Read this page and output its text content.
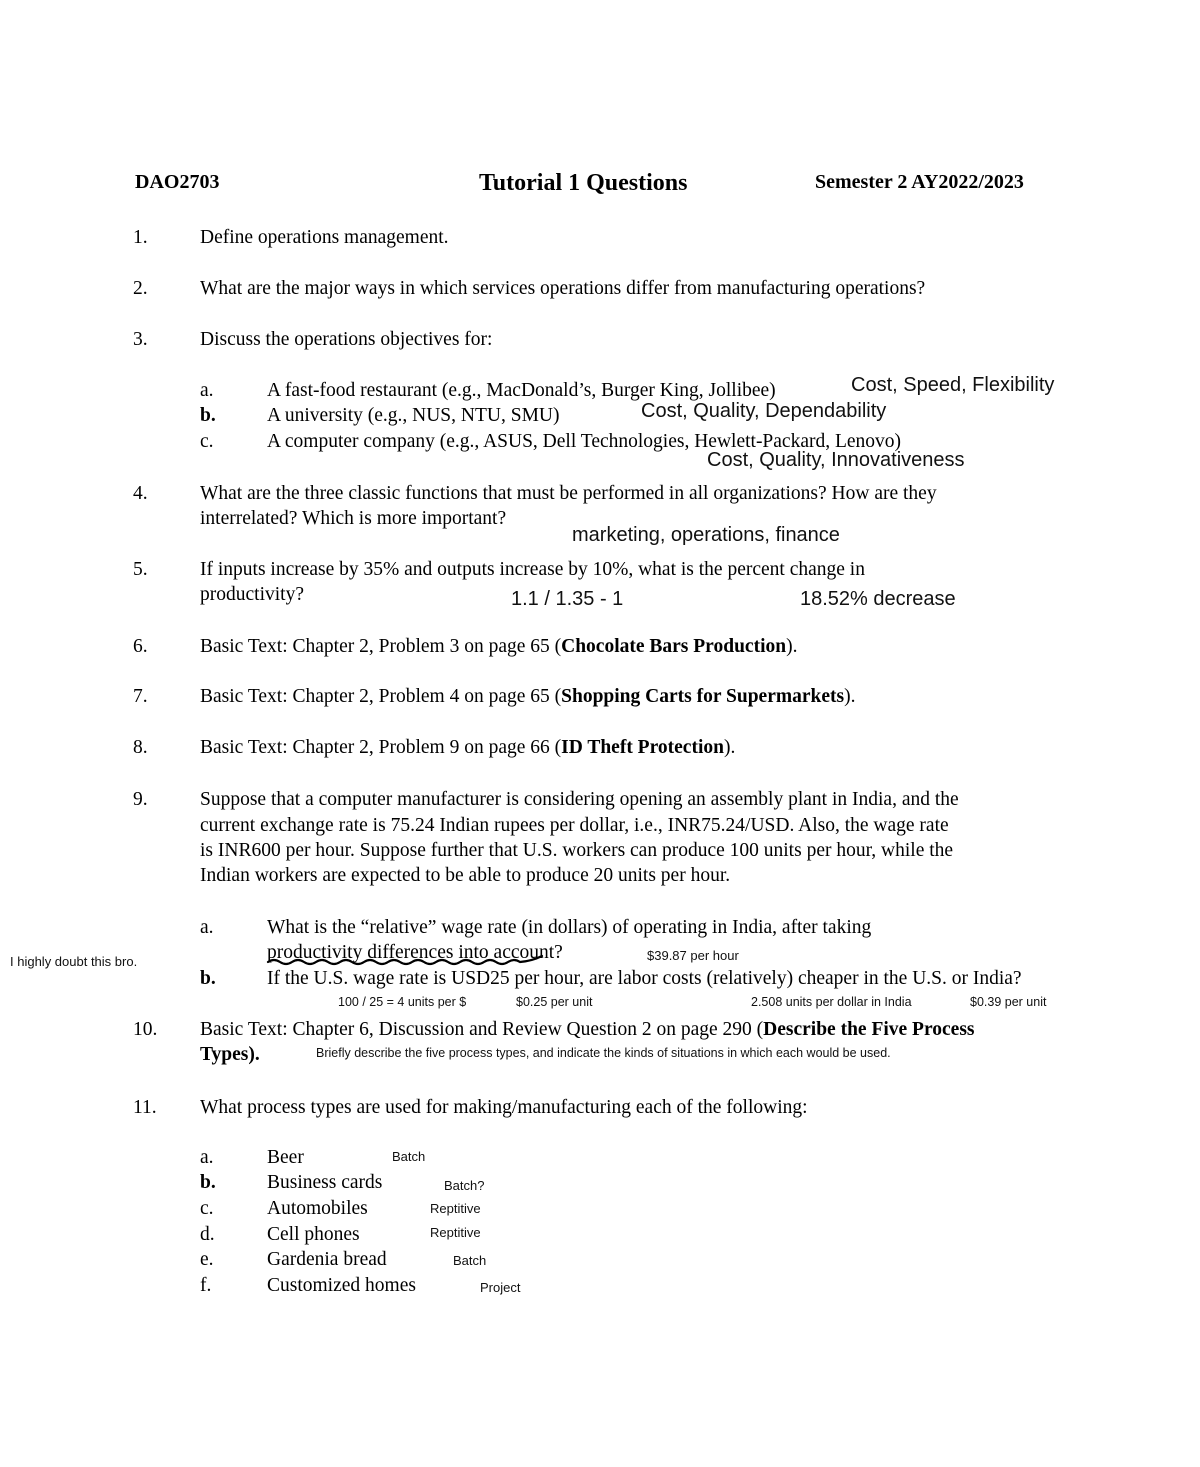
DAO2703	Tutorial 1 Questions	Semester 2 AY2022/2023
1.	Define operations management.
2.	What are the major ways in which services operations differ from manufacturing operations?
3.	Discuss the operations objectives for:
a.	A fast-food restaurant (e.g., MacDonald’s, Burger King, Jollibee)	Cost, Speed, Flexibility
b.	A university (e.g., NUS, NTU, SMU)	Cost, Quality, Dependability
c.	A computer company (e.g., ASUS, Dell Technologies, Hewlett-Packard, Lenovo)
Cost, Quality, Innovativeness
4.	What are the three classic functions that must be performed in all organizations? How are they
interrelated? Which is more important?
marketing, operations, finance
5.	If inputs increase by 35% and outputs increase by 10%, what is the percent change in
productivity?	1.1 / 1.35 - 1	18.52% decrease
6.	Basic Text: Chapter 2, Problem 3 on page 65 (Chocolate Bars Production).
7.	Basic Text: Chapter 2, Problem 4 on page 65 (Shopping Carts for Supermarkets).
8.	Basic Text: Chapter 2, Problem 9 on page 66 (ID Theft Protection).
9.	Suppose that a computer manufacturer is considering opening an assembly plant in India, and the
current exchange rate is 75.24 Indian rupees per dollar, i.e., INR75.24/USD. Also, the wage rate
is INR600 per hour. Suppose further that U.S. workers can produce 100 units per hour, while the
Indian workers are expected to be able to produce 20 units per hour.
a.	What is the “relative” wage rate (in dollars) of operating in India, after taking
productivity differences into account?	$39.87 per hour
I highly doubt this bro.
b.	If the U.S. wage rate is USD25 per hour, are labor costs (relatively) cheaper in the U.S. or India?
100 / 25 = 4 units per $	$0.25 per unit	2.508 units per dollar in India	$0.39 per unit
10. Basic Text: Chapter 6, Discussion and Review Question 2 on page 290 (Describe the Five Process
Types).	Briefly describe the five process types, and indicate the kinds of situations in which each would be used.
11. What process types are used for making/manufacturing each of the following:
a.	Beer	Batch
b.	Business cards	Batch?
c.	Automobiles	Reptitive
d.	Cell phones	Reptitive
e.	Gardenia bread	Batch
f.	Customized homes	Project
